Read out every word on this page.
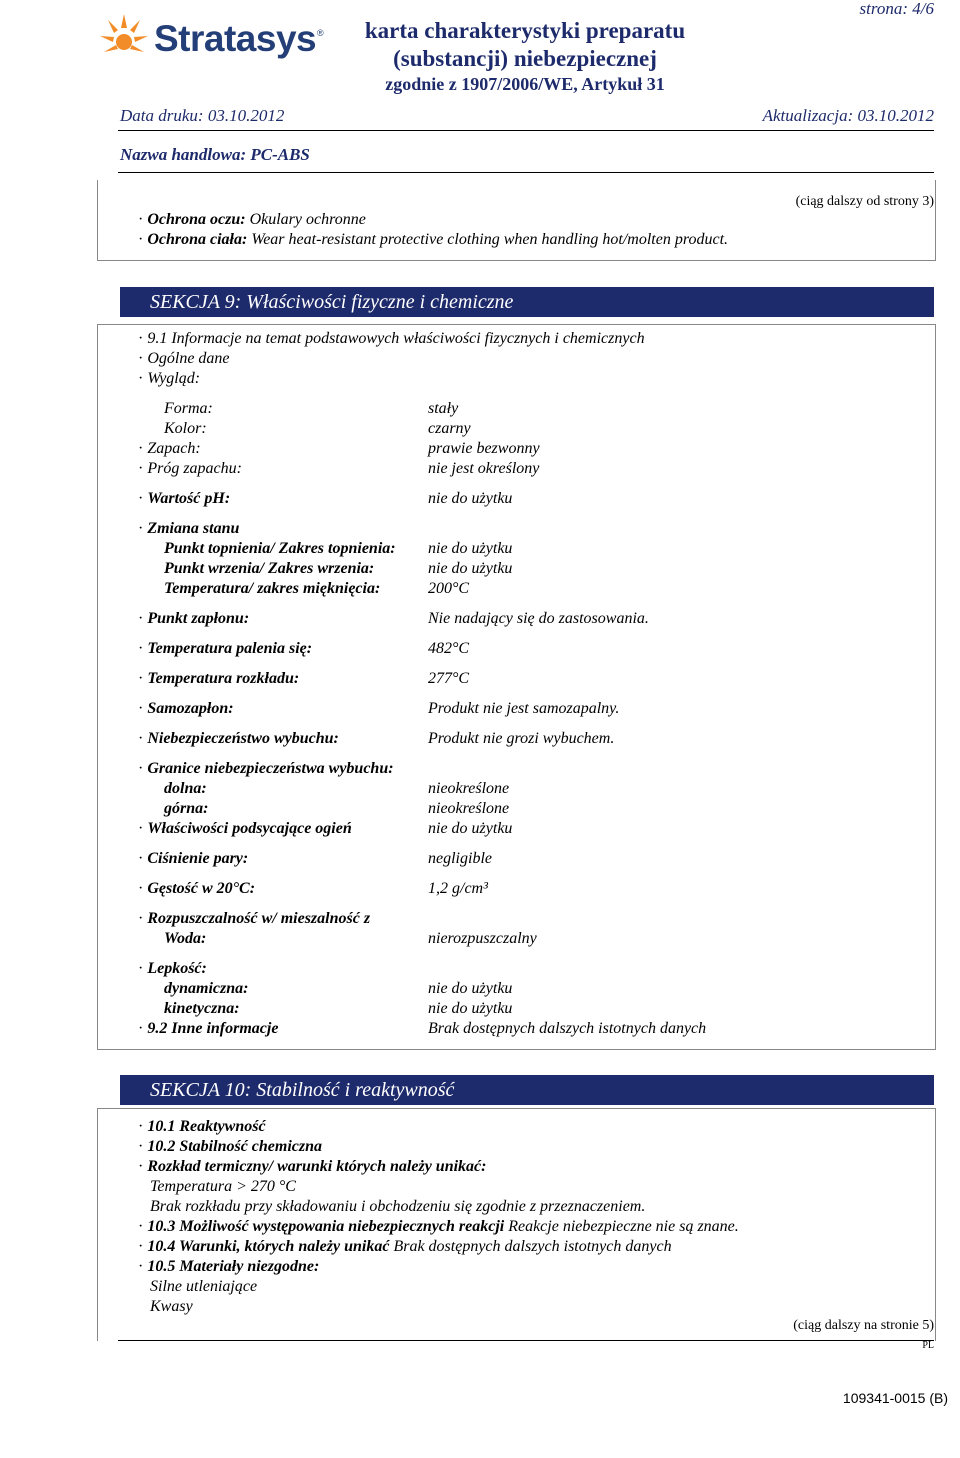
Stratasys ®	karta charakterystyki preparatu
(substancji) niebezpiecznej
zgodnie z 1907/2006/WE, Artykuł 31
strona: 4/6
Data druku: 03.10.2012	Aktualizacja: 03.10.2012
Nazwa handlowa: PC-ABS
(ciąg dalszy od strony 3)
· Ochrona oczu: Okulary ochronne
· Ochrona ciała: Wear heat-resistant protective clothing when handling hot/molten product.
SEKCJA 9: Właściwości fizyczne i chemiczne
· 9.1 Informacje na temat podstawowych właściwości fizycznych i chemicznych
· Ogólne dane
· Wygląd:
Forma:	stały
Kolor:	czarny
· Zapach:	prawie bezwonny
· Próg zapachu:	nie jest określony
· Wartość pH:	nie do użytku
· Zmiana stanu
Punkt topnienia/ Zakres topnienia: nie do użytku
Punkt wrzenia/ Zakres wrzenia:	nie do użytku
Temperatura/ zakres mięknięcia:	200°C
· Punkt zapłonu:	Nie nadający się do zastosowania.
· Temperatura palenia się:	482°C
· Temperatura rozkładu:	277°C
· Samozapłon:	Produkt nie jest samozapalny.
· Niebezpieczeństwo wybuchu:	Produkt nie grozi wybuchem.
· Granice niebezpieczeństwa wybuchu:
dolna:	nieokreślone
górna:	nieokreślone
· Właściwości podsycające ogień	nie do użytku
· Ciśnienie pary:	negligible
· Gęstość w 20°C:	1,2 g/cm³
· Rozpuszczalność w/ mieszalność z
Woda:	nierozpuszczalny
· Lepkość:
dynamiczna:	nie do użytku
kinetyczna:	nie do użytku
· 9.2 Inne informacje	Brak dostępnych dalszych istotnych danych
SEKCJA 10: Stabilność i reaktywność
· 10.1 Reaktywność
· 10.2 Stabilność chemiczna
· Rozkład termiczny/ warunki których należy unikać:
Temperatura > 270 °C
Brak rozkładu przy składowaniu i obchodzeniu się zgodnie z przeznaczeniem.
· 10.3 Możliwość występowania niebezpiecznych reakcji Reakcje niebezpieczne nie są znane.
· 10.4 Warunki, których należy unikać Brak dostępnych dalszych istotnych danych
· 10.5 Materiały niezgodne:
Silne utleniające
Kwasy
(ciąg dalszy na stronie 5)
PL
109341-0015 (B)
